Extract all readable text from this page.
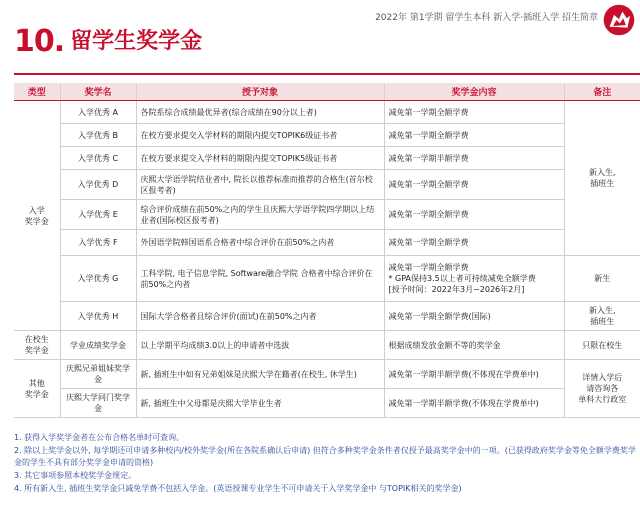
2022年 第1学期 留学生本科 新入学·插班入学 招生简章
10. 留学生奖学金
类型	奖学名	授予对象	奖学金内容	备注
入学
奖学金	入学优秀 A	各院系综合成绩最优异者(综合成绩在90分以上者)	减免第一学期全额学费	新入生,
插班生
	入学优秀 B	在校方要求提交入学材料的期限内提交TOPIK6级证书者	减免第一学期全额学费	
	入学优秀 C	在校方要求提交入学材料的期限内提交TOPIK5级证书者	减免第一学期半额学费	
	入学优秀 D	庆熙大学语学院结业者中, 院长以推荐标准而推荐的合格生(首尔校区报考者)	减免第一学期全额学费	
	入学优秀 E	综合评价成绩在前50%之内的学生且庆熙大学语学院四学期以上结业者(国际校区报考者)	减免第一学期全额学费	
	入学优秀 F	外国语学院韩国语系合格者中综合评价在前50%之内者	减免第一学期全额学费	
	入学优秀 G	工科学院, 电子信息学院, Software融合学院 合格者中综合评价在前50%之内者	减免第一学期全额学费
* GPA保持3.5以上者可持续减免全额学费
[授予时间：2022年3月~2026年2月]	新生
	入学优秀 H	国际大学合格者且综合评价(面试)在前50%之内者	减免第一学期全额学费(国际)	新入生,
插班生
在校生
奖学金	学业成绩奖学金	以上学期平均成绩3.0以上的申请者中选拔	根据成绩发放金额不等的奖学金	只限在校生
其他
奖学金	庆熙兄弟姐妹奖学金	新, 插班生中如有兄弟姐妹是庆熙大学在籍者(在校生, 休学生)	减免第一学期半额学费(不体现在学费单中)	详情入学后
请咨询各
单科大行政室
	庆熙大学同门奖学金	新, 插班生中父母都是庆熙大学毕业生者	减免第一学期半额学费(不体现在学费单中)	
1. 获得入学奖学金者在公布合格名单时可查询。
2. 除以上奖学金以外, 每学期还可申请多种校内/校外奖学金(所在各院系确认后申请) 但符合多种奖学金条件者仅授予最高奖学金中的一项。(已获得政府奖学金等免全额学费奖学金的学生不具有部分奖学金申请的资格)
3. 其它事项参照本校奖学金规定。
4. 所有新入生, 插班生奖学金只减免学费不包括入学金。(英语授课专业学生不可申请关于入学奖学金中 与TOPIK相关的奖学金)
